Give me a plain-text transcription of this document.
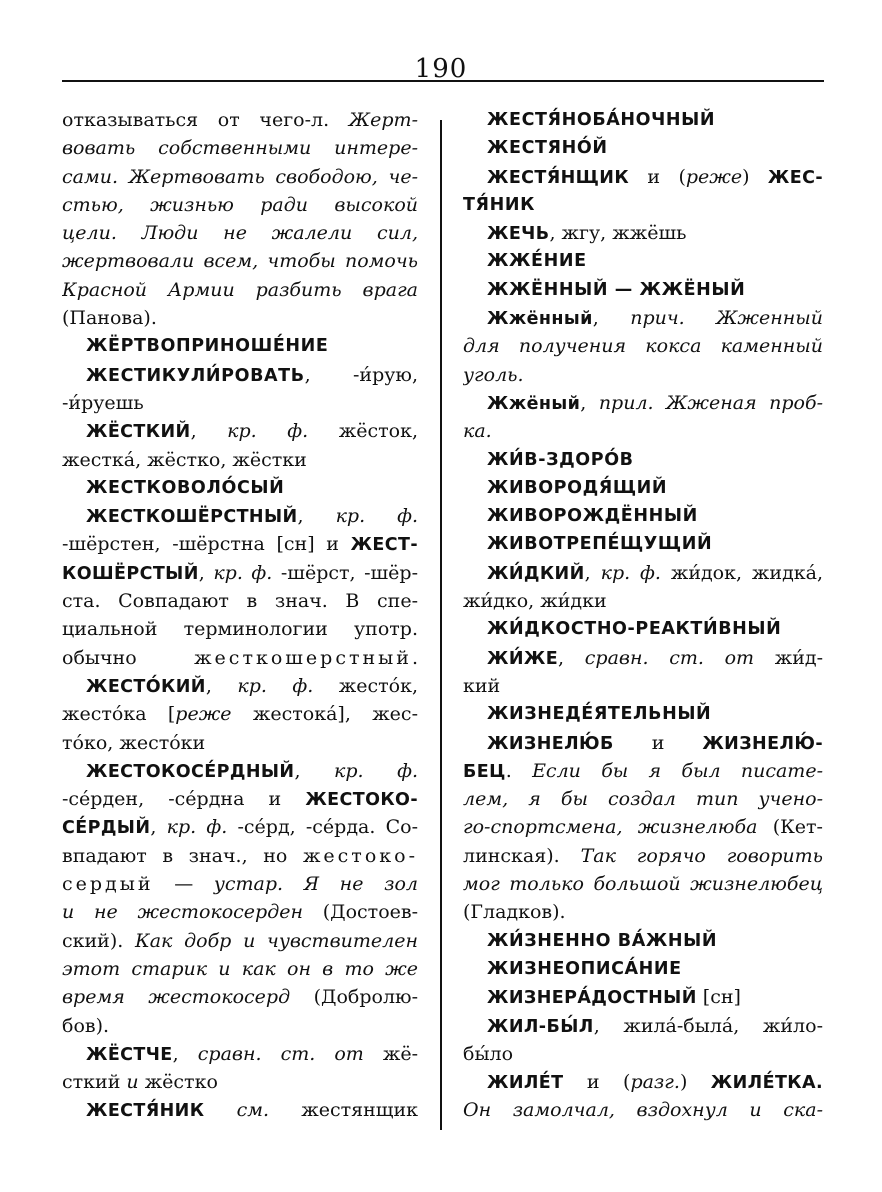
190
отказываться от чего-л. Жерт-
вовать собственными интере-
сами. Жертвовать свободою, че-
стью, жизнью ради высокой
цели. Люди не жалели сил,
жертвовали всем, чтобы помочь
Красной Армии разбить врага
(Панова).
ЖЁРТВОПРИНОШЕ́НИЕ
ЖЕСТИКУЛИ́РОВАТЬ, -и́рую,
-и́руешь
ЖЁСТКИЙ, кр. ф. жёсток,
жестка́, жёстко, жёстки
ЖЕСТКОВОЛО́СЫЙ
ЖЕСТКОШЁРСТНЫЙ, кр. ф.
-шёрстен, -шёрстна [сн] и ЖЕСТ-
КОШЁРСТЫЙ, кр. ф. -шёрст, -шёр-
ста. Совпадают в знач. В спе-
циальной терминологии употр.
обычно жесткошерстный.
ЖЕСТО́КИЙ, кр. ф. жесто́к,
жесто́ка [реже жестока́], жес-
то́ко, жесто́ки
ЖЕСТОКОСЕ́РДНЫЙ, кр. ф.
-се́рден, -се́рдна и ЖЕСТОКО-
СЕ́РДЫЙ, кр. ф. -се́рд, -се́рда. Со-
впадают в знач., но жестоко-
сердый — устар. Я не зол
и не жестокосерден (Достоев-
ский). Как добр и чувствителен
этот старик и как он в то же
время жестокосерд (Добролю-
бов).
ЖЁСТЧЕ, сравн. ст. от жё-
сткий и жёстко
ЖЕСТЯ́НИК см. жестянщик
ЖЕСТЯ́НОБА́НОЧНЫЙ
ЖЕСТЯНО́Й
ЖЕСТЯ́НЩИК и (реже) ЖЕС-
ТЯ́НИК
ЖЕЧЬ, жгу, жжёшь
ЖЖЕ́НИЕ
ЖЖЁННЫЙ — ЖЖЁНЫЙ
Жжённый, прич. Жженный
для получения кокса каменный
уголь.
Жжёный, прил. Жженая проб-
ка.
ЖИ́В-ЗДОРО́В
ЖИВОРОДЯ́ЩИЙ
ЖИВОРОЖДЁННЫЙ
ЖИВОТРЕПЕ́ЩУЩИЙ
ЖИ́ДКИЙ, кр. ф. жи́док, жидка́,
жи́дко, жи́дки
ЖИ́ДКОСТНО-РЕАКТИ́ВНЫЙ
ЖИ́ЖЕ, сравн. ст. от жи́д-
кий
ЖИЗНЕДЕ́ЯТЕЛЬНЫЙ
ЖИЗНЕЛЮ́Б и ЖИЗНЕЛЮ́-
БЕЦ. Если бы я был писате-
лем, я бы создал тип учено-
го-спортсмена, жизнелюба (Кет-
линская). Так горячо говорить
мог только большой жизнелюбец
(Гладков).
ЖИ́ЗНЕННО ВА́ЖНЫЙ
ЖИЗНЕОПИСА́НИЕ
ЖИЗНЕРА́ДОСТНЫЙ [сн]
ЖИЛ-БЫ́Л, жила́-была́, жи́ло-
бы́ло
ЖИЛЕ́Т и (разг.) ЖИЛЕ́ТКА.
Он замолчал, вздохнул и ска-
